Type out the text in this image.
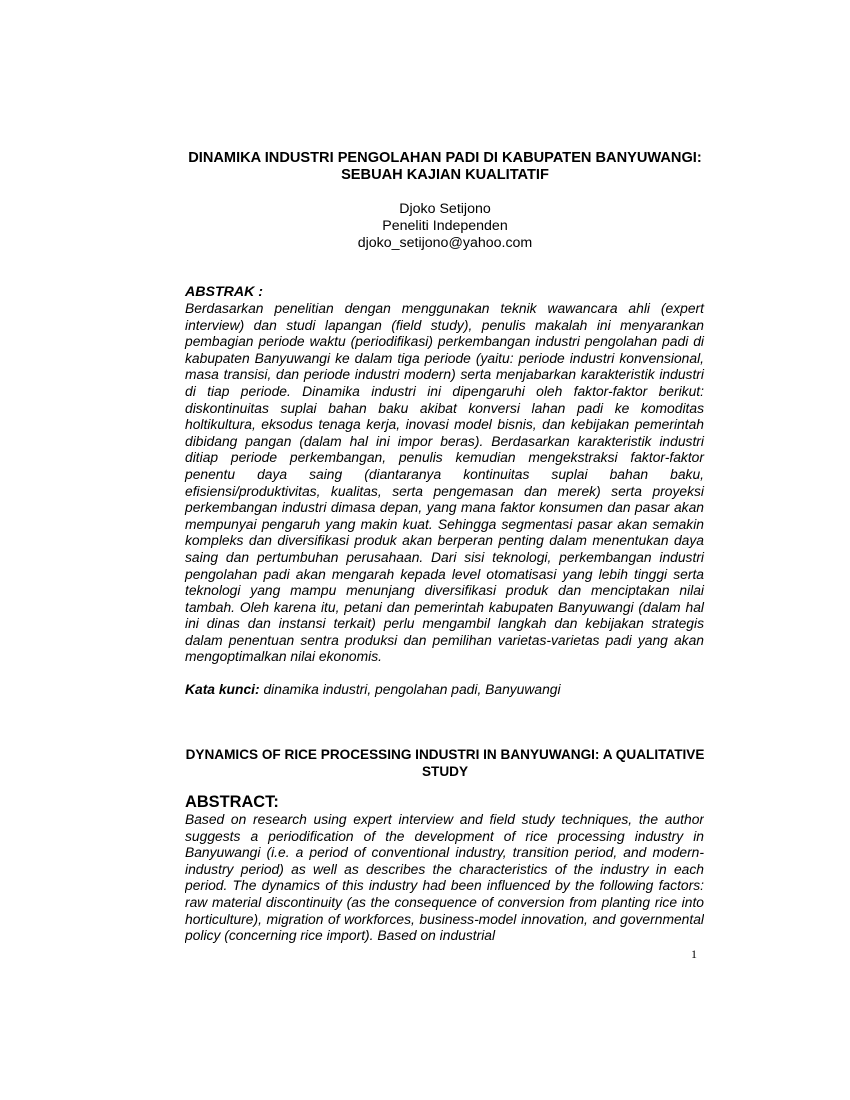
DINAMIKA INDUSTRI PENGOLAHAN PADI DI KABUPATEN BANYUWANGI: SEBUAH KAJIAN KUALITATIF
Djoko Setijono
Peneliti Independen
djoko_setijono@yahoo.com
ABSTRAK :

Berdasarkan penelitian dengan menggunakan teknik wawancara ahli (expert interview) dan studi lapangan (field study), penulis makalah ini menyarankan pembagian periode waktu (periodifikasi) perkembangan industri pengolahan padi di kabupaten Banyuwangi ke dalam tiga periode (yaitu: periode industri konvensional, masa transisi, dan periode industri modern) serta menjabarkan karakteristik industri di tiap periode. Dinamika industri ini dipengaruhi oleh faktor-faktor berikut: diskontinuitas suplai bahan baku akibat konversi lahan padi ke komoditas holtikultura, eksodus tenaga kerja, inovasi model bisnis, dan kebijakan pemerintah dibidang pangan (dalam hal ini impor beras). Berdasarkan karakteristik industri ditiap periode perkembangan, penulis kemudian mengekstraksi faktor-faktor penentu daya saing (diantaranya kontinuitas suplai bahan baku, efisiensi/produktivitas, kualitas, serta pengemasan dan merek) serta proyeksi perkembangan industri dimasa depan, yang mana faktor konsumen dan pasar akan mempunyai pengaruh yang makin kuat. Sehingga segmentasi pasar akan semakin kompleks dan diversifikasi produk akan berperan penting dalam menentukan daya saing dan pertumbuhan perusahaan. Dari sisi teknologi, perkembangan industri pengolahan padi akan mengarah kepada level otomatisasi yang lebih tinggi serta teknologi yang mampu menunjang diversifikasi produk dan menciptakan nilai tambah. Oleh karena itu, petani dan pemerintah kabupaten Banyuwangi (dalam hal ini dinas dan instansi terkait) perlu mengambil langkah dan kebijakan strategis dalam penentuan sentra produksi dan pemilihan varietas-varietas padi yang akan mengoptimalkan nilai ekonomis.

Kata kunci: dinamika industri, pengolahan padi, Banyuwangi

DYNAMICS OF RICE PROCESSING INDUSTRI IN BANYUWANGI: A QUALITATIVE STUDY
ABSTRACT:

Based on research using expert interview and field study techniques, the author suggests a periodification of the development of rice processing industry in Banyuwangi (i.e. a period of conventional industry, transition period, and modern-industry period) as well as describes the characteristics of the industry in each period. The dynamics of this industry had been influenced by the following factors: raw material discontinuity (as the consequence of conversion from planting rice into horticulture), migration of workforces, business-model innovation, and governmental policy (concerning rice import). Based on industrial

1
